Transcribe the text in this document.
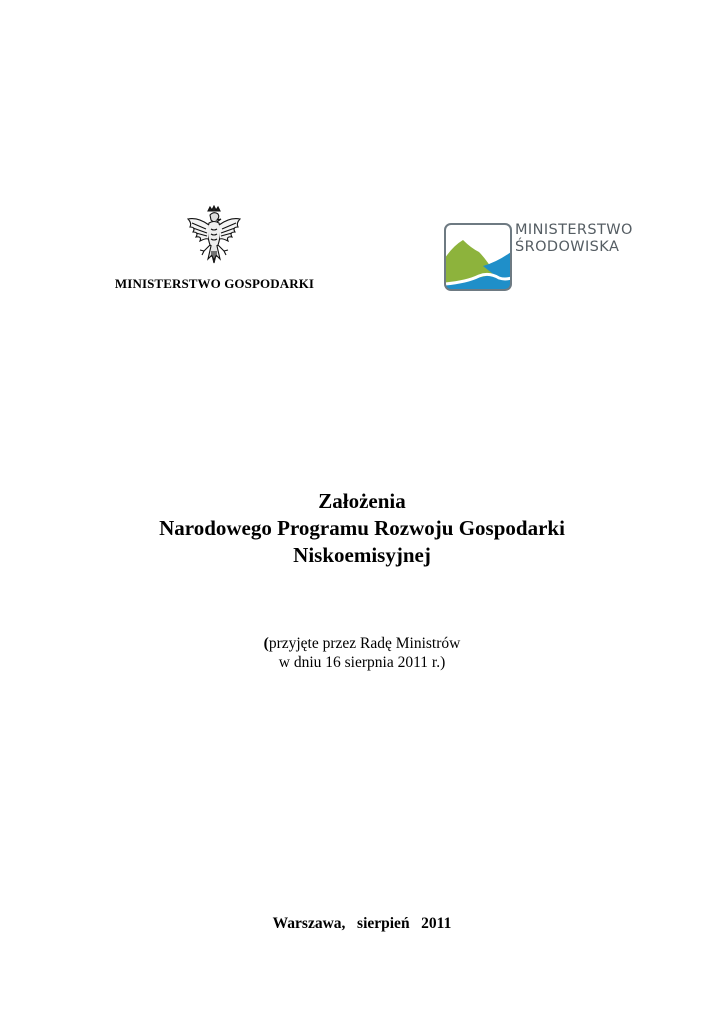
MINISTERSTWO GOSPODARKI
MINISTERSTWO
ŚRODOWISKA
Założenia
Narodowego Programu Rozwoju Gospodarki
Niskoemisyjnej
(przyjęte przez Radę Ministrów
w dniu 16 sierpnia 2011 r.)
Warszawa,   sierpień   2011
